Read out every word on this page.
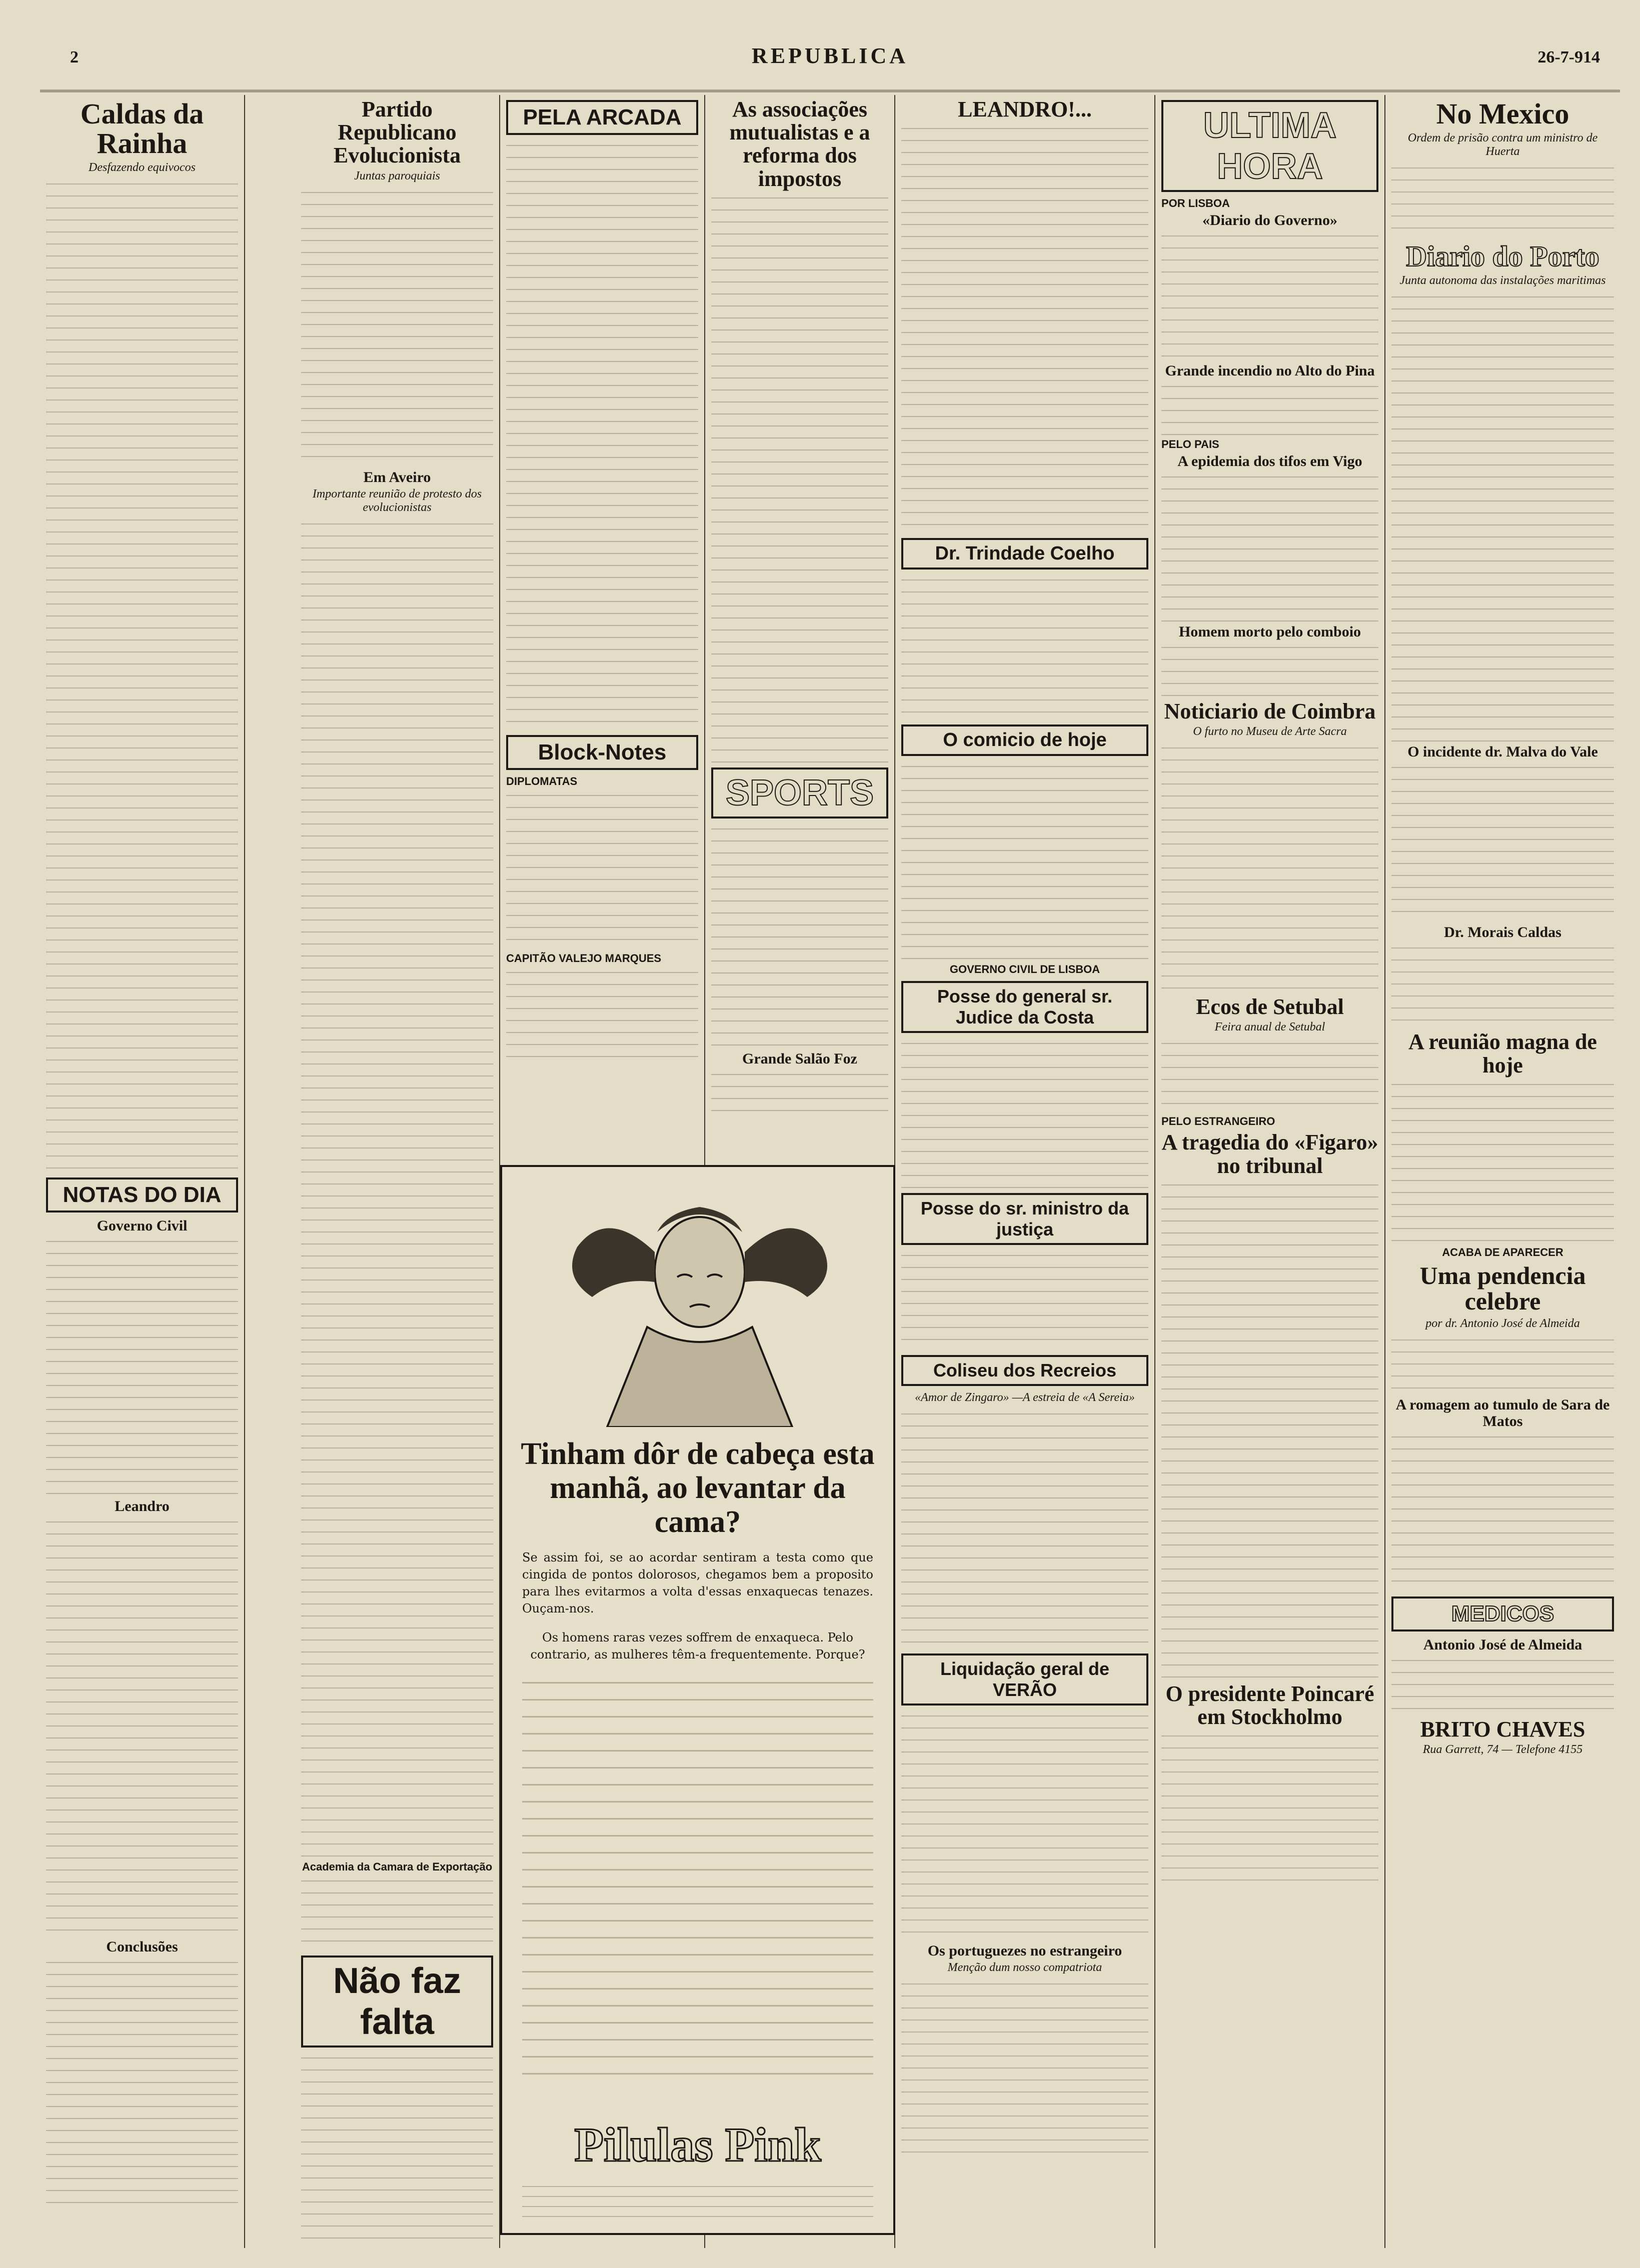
2	REPUBLICA	26-7-914
Caldas da Rainha
Desfazendo equivocos
NOTAS DO DIA
Governo Civil
Leandro
Conclusões
Partido Republicano Evolucionista
Juntas paroquiais
Em Aveiro
Importante reunião de protesto dos evolucionistas
Academia da Camara de Exportação
Não faz falta
PELA ARCADA
Block-Notes
DIPLOMATAS
CAPITÃO VALEJO MARQUES
As associações mutualistas e a reforma dos impostos
SPORTS
Grande Salão Foz
Tinham dôr de cabeça esta manhã, ao levantar da cama?

Se assim foi, se ao acordar sentiram a testa como que cingida de pontos dolorosos, chegamos bem a proposito para lhes evitarmos a volta d'essas enxaquecas tenazes. Ouçam-nos.

Os homens raras vezes soffrem de enxaqueca. Pelo contrario, as mulheres têm-a frequentemente. Porque?

Pilulas Pink
LEANDRO!...
Dr. Trindade Coelho
O comicio de hoje
GOVERNO CIVIL DE LISBOA
Posse do general sr. Judice da Costa
Posse do sr. ministro da justiça
Coliseu dos Recreios
«Amor de Zingaro» —A estreia de «A Sereia»
Liquidação geral de VERÃO
Os portuguezes no estrangeiro
Menção dum nosso compatriota
ULTIMA HORA
POR LISBOA
«Diario do Governo»
Grande incendio no Alto do Pina
PELO PAIS
A epidemia dos tifos em Vigo
Homem morto pelo comboio
Noticiario de Coimbra
O furto no Museu de Arte Sacra
Ecos de Setubal
Feira anual de Setubal
PELO ESTRANGEIRO
A tragedia do «Figaro» no tribunal
O presidente Poincaré em Stockholmo
No Mexico
Ordem de prisão contra um ministro de Huerta
Diario do Porto
Junta autonoma das instalações maritimas
O incidente dr. Malva do Vale
Dr. Morais Caldas
A reunião magna de hoje
ACABA DE APARECER
Uma pendencia celebre
por dr. Antonio José de Almeida
A romagem ao tumulo de Sara de Matos
MEDICOS
Antonio José de Almeida
BRITO CHAVES
Rua Garrett, 74 — Telefone 4155
